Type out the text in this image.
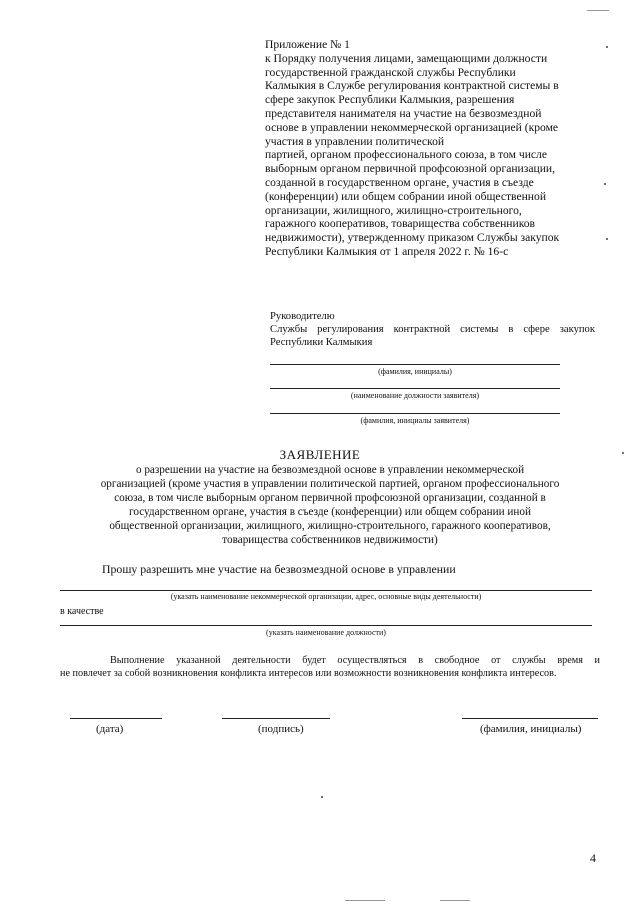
Приложение № 1
к Порядку получения лицами, замещающими должности
государственной гражданской службы Республики
Калмыкия в Службе регулирования контрактной системы в
сфере закупок Республики Калмыкия, разрешения
представителя нанимателя на участие на безвозмездной
основе в управлении некоммерческой организацией (кроме
участия в управлении политической
партией, органом профессионального союза, в том числе
выборным органом первичной профсоюзной организации,
созданной в государственном органе, участия в съезде
(конференции) или общем собрании иной общественной
организации, жилищного, жилищно-строительного,
гаражного кооперативов, товарищества собственников
недвижимости), утвержденному приказом Службы закупок
Республики Калмыкия от 1 апреля 2022 г. № 16-с
Руководителю
Службы регулирования контрактной системы в сфере закупок
Республики Калмыкия
(фамилия, инициалы)
(наименование должности заявителя)
(фамилия, инициалы заявителя)
ЗАЯВЛЕНИЕ
о разрешении на участие на безвозмездной основе в управлении некоммерческой
организацией (кроме участия в управлении политической партией, органом профессионального
союза, в том числе выборным органом первичной профсоюзной организации, созданной в
государственном органе, участия в съезде (конференции) или общем собрании иной
общественной организации, жилищного, жилищно-строительного, гаражного кооперативов,
товарищества собственников недвижимости)
Прошу разрешить мне участие на безвозмездной основе в управлении
(указать наименование некоммерческой организации, адрес, основные виды деятельности)
в качестве
(указать наименование должности)
Выполнение указанной деятельности будет осуществляться в свободное от службы время и
не повлечет за собой возникновения конфликта интересов или возможности возникновения конфликта интересов.
(дата)	(подпись)	(фамилия, инициалы)
4
